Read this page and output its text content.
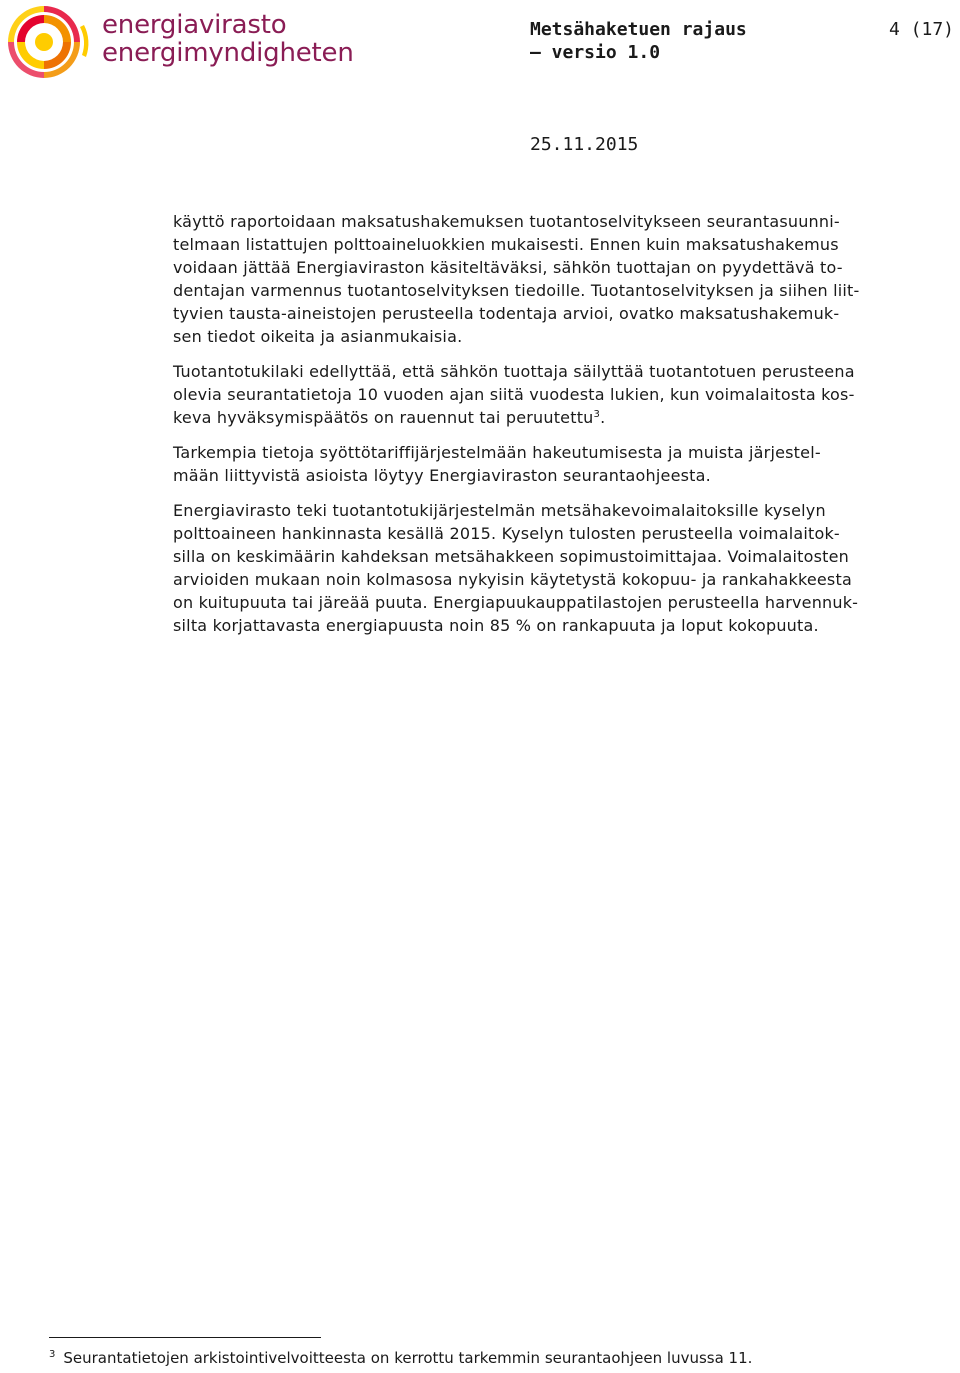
energiavirasto
energimyndigheten
Metsähaketuen rajaus
– versio 1.0
4 (17)
25.11.2015

käyttö raportoidaan maksatushakemuksen tuotantoselvitykseen seurantasuunni-
telmaan listattujen polttoaineluokkien mukaisesti. Ennen kuin maksatushakemus
voidaan jättää Energiaviraston käsiteltäväksi, sähkön tuottajan on pyydettävä to-
dentajan varmennus tuotantoselvityksen tiedoille. Tuotantoselvityksen ja siihen liit-
tyvien tausta-aineistojen perusteella todentaja arvioi, ovatko maksatushakemuk-
sen tiedot oikeita ja asianmukaisia.

Tuotantotukilaki edellyttää, että sähkön tuottaja säilyttää tuotantotuen perusteena
olevia seurantatietoja 10 vuoden ajan siitä vuodesta lukien, kun voimalaitosta kos-
keva hyväksymispäätös on rauennut tai peruutettu$^3$.

Tarkempia tietoja syöttötariffijärjestelmään hakeutumisesta ja muista järjestel-
mään liittyvistä asioista löytyy Energiaviraston seurantaohjeesta.

Energiavirasto teki tuotantotukijärjestelmän metsähakevoimalaitoksille kyselyn
polttoaineen hankinnasta kesällä 2015. Kyselyn tulosten perusteella voimalaitok-
silla on keskimäärin kahdeksan metsähakkeen sopimustoimittajaa. Voimalaitosten
arvioiden mukaan noin kolmasosa nykyisin käytetystä kokopuu- ja rankahakkeesta
on kuitupuuta tai järeää puuta. Energiapuukauppatilastojen perusteella harvennuk-
silta korjattavasta energiapuusta noin 85 % on rankapuuta ja loput kokopuuta.

$^3$ Seurantatietojen arkistointivelvoitteesta on kerrottu tarkemmin seurantaohjeen luvussa 11.
